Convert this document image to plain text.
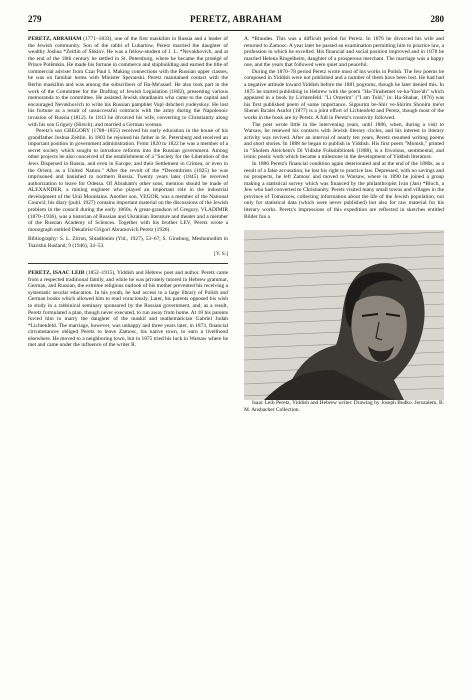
279	PERETZ, ABRAHAM	280

PERETZ, ABRAHAM (1771–1833), one of the first maskilim in Russia and a leader of the Jewish community. Son of the rabbi of Lubartow, Peretz married the daughter of wealthy Joshua *Zeitlin of Shklov. He was a fellow-student of J. L. *Nevakhovich, and at the end of the 18th century he settled in St. Petersburg, where he became the protégé of Prince Potëmkin. He made his fortune in commerce and shipbuilding and earned the title of commercial adviser from Czar Paul I. Making connections with the Russian upper classes, he was on familiar terms with Minister Speranski. Peretz maintained contact with the Berlin maskilim and was among the subscribers of Ha-Me'assef. He also took part in the work of the Committee for the Drafting of Jewish Legislation (1802), presenting various memoranda to the committee. He assisted Jewish shtadlanim who came to the capital and encouraged Nevakhovich to write his Russian pamphlet Vopl dshcheri yudeyskoy. He lost his fortune as a result of unsuccessful contracts with the army during the Napoleonic invasion of Russia (1812). In 1813 he divorced his wife, converting to Christianity along with his son Grigory (Hirsch), and married a German woman.

Peretz's son GREGORY (1788–1855) received his early education in the house of his grandfather Joshua Zeitlin. In 1803 he rejoined his father in St. Petersburg and received an important position in government administration. From 1820 to 1822 he was a member of a secret society which sought to introduce reforms into the Russian government. Among other projects he also conceived of the establishment of a "Society for the Liberation of the Jews Dispersed in Russia, and even in Europe, and their Settlement in Crimea, or even in the Orient, as a United Nation." After the revolt of the *Decembrists (1825) he was imprisoned and banished to northern Russia. Twenty years later (1845) he received authorization to leave for Odessa. Of Abraham's other sons, mention should be made of ALEXANDER, a mining engineer who played an important role in the industrial development of the Ural Mountains. Another son, YEGOR, was a member of the National Council; his diary (publ. 1927) contains important material on the discussions of the Jewish problem in the council during the early 1860s. A great-grandson of Gregory, VLADIMIR (1870–1936), was a historian of Russian and Ukrainian literature and theater and a member of the Russian Academy of Sciences. Together with his brother LEV, Peretz wrote a monograph entitled Dekabrist Grigori Abramovich Peretz (1926).

Bibliography: S. L. Zitron, Shtadlonim (Yid., 1927), 53–67; S. Ginsburg, Meshumodim in Tsarishn Rusland, 9 (1946), 34–53.

[Y. S.]

PERETZ, ISAAC LEIB (1852–1915), Yiddish and Hebrew poet and author. Peretz came from a respected traditional family, and while he was privately tutored in Hebrew grammar, German, and Russian, the extreme religious outlook of his mother prevented his receiving a systematic secular education. In his youth, he had access to a large library of Polish and German books which allowed him to read voraciously. Later, his parents opposed his wish to study in a rabbinical seminary sponsored by the Russian government, and, as a result, Peretz formulated a plan, though never executed, to run away from home. At 18 his parents forced him to marry the daughter of the maskil and mathematician Gabriel Judah *Lichtenfeld. The marriage, however, was unhappy and three years later, in 1873, financial circumstances obliged Peretz to leave Zamosc, his native town, to earn a livelihood elsewhere. He moved to a neighboring town, but in 1875 tried his luck in Warsaw where he met and came under the influence of the writer R.

A. *Braudes. This was a difficult period for Peretz. In 1876 he divorced his wife and returned to Zamosc. A year later he passed an examination permitting him to practice law, a profession in which he excelled. His financial and social position improved and in 1878 he married Helena Ringelheim, daughter of a prosperous merchant. The marriage was a happy one, and the years that followed were quiet and peaceful.

During the 1870–78 period Peretz wrote most of his works in Polish. The few poems he composed in Yiddish were not published and a number of them have been lost. He had had a negative attitude toward Yiddish before the 1881 pogroms, though he later denied this. In 1875 he started publishing in Hebrew with the poem "Ha-Tinshemet ve-ha-Yare'ah" which appeared in a book by Lichtenfeld. "Li Omerim" ("I am Told," in: Ha-Shahar, 1876) was his first published poem of some importance. Sippurim be-Shir ve-Shirim Shonim me'et Shenei Ba'alei Asufot (1877) is a joint effort of Lichtenfeld and Peretz, though most of the works in the book are by Peretz. A full in Peretz's creativity followed.

The poet wrote little in the intervening years, until 1886, when, during a visit to Warsaw, he renewed his contacts with Jewish literary circles, and his interest in literary activity was revived. After an interval of nearly ten years, Peretz resumed writing poems and short stories. In 1888 he began to publish in Yiddish. His first poem "Monish," printed in "Sholem Aleichem's Di Yidishe Folksbibliotek (1888), is a frivolous, sentimental, and ironic poetic work which became a milestone in the development of Yiddish literature.

In 1886 Peretz's financial condition again deteriorated and at the end of the 1880s, as a result of a false accusation, he lost his right to practice law. Depressed, with no savings and no prospects, he left Zamosc and moved to Warsaw, where in 1890 he joined a group making a statistical survey which was financed by the philanthropist Ivan (Jan) *Bloch, a Jew who had converted to Christianity. Peretz visited many small towns and villages in the province of Tomaszow, collecting information about the life of the Jewish population, not only for statistical data (which were never published) but also for raw material for his literary works. Peretz's impressions of this expedition are reflected in sketches entitled Bilder fun a

Isaac Leib Peretz, Yiddish and Hebrew writer. Drawing by Joseph Budko. Jerusalem, B. M. Ansbacher Collection.
